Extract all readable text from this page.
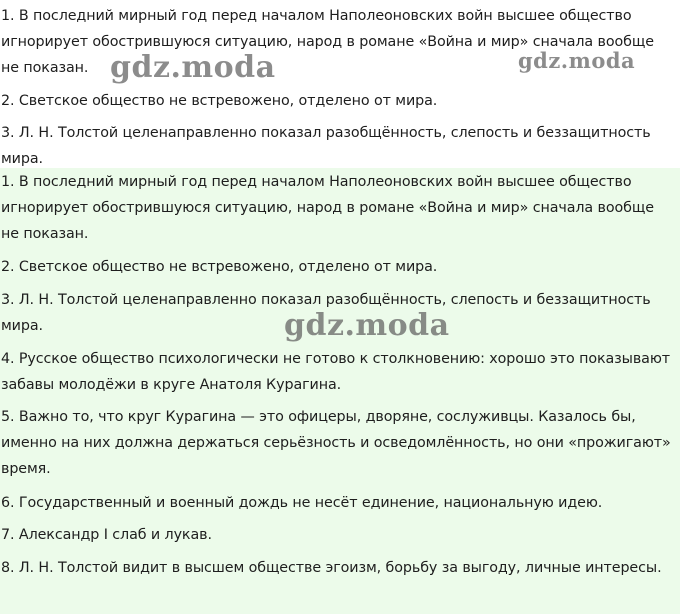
1. В последний мирный год перед началом Наполеоновских войн высшее общество
игнорирует обострившуюся ситуацию, народ в романе «Война и мир» сначала вообще
не показан.

2. Светское общество не встревожено, отделено от мира.

3. Л. Н. Толстой целенаправленно показал разобщённость, слепость и беззащитность
мира.

1. В последний мирный год перед началом Наполеоновских войн высшее общество
игнорирует обострившуюся ситуацию, народ в романе «Война и мир» сначала вообще
не показан.

2. Светское общество не встревожено, отделено от мира.

3. Л. Н. Толстой целенаправленно показал разобщённость, слепость и беззащитность
мира.

4. Русское общество психологически не готово к столкновению: хорошо это показывают
забавы молодёжи в круге Анатоля Курагина.

5. Важно то, что круг Курагина — это офицеры, дворяне, сослуживцы. Казалось бы,
именно на них должна держаться серьёзность и осведомлённость, но они «прожигают»
время.

6. Государственный и военный дождь не несёт единение, национальную идею.

7. Александр I слаб и лукав.

8. Л. Н. Толстой видит в высшем обществе эгоизм, борьбу за выгоду, личные интересы.

gdz.moda	gdz.moda
gdz.moda
